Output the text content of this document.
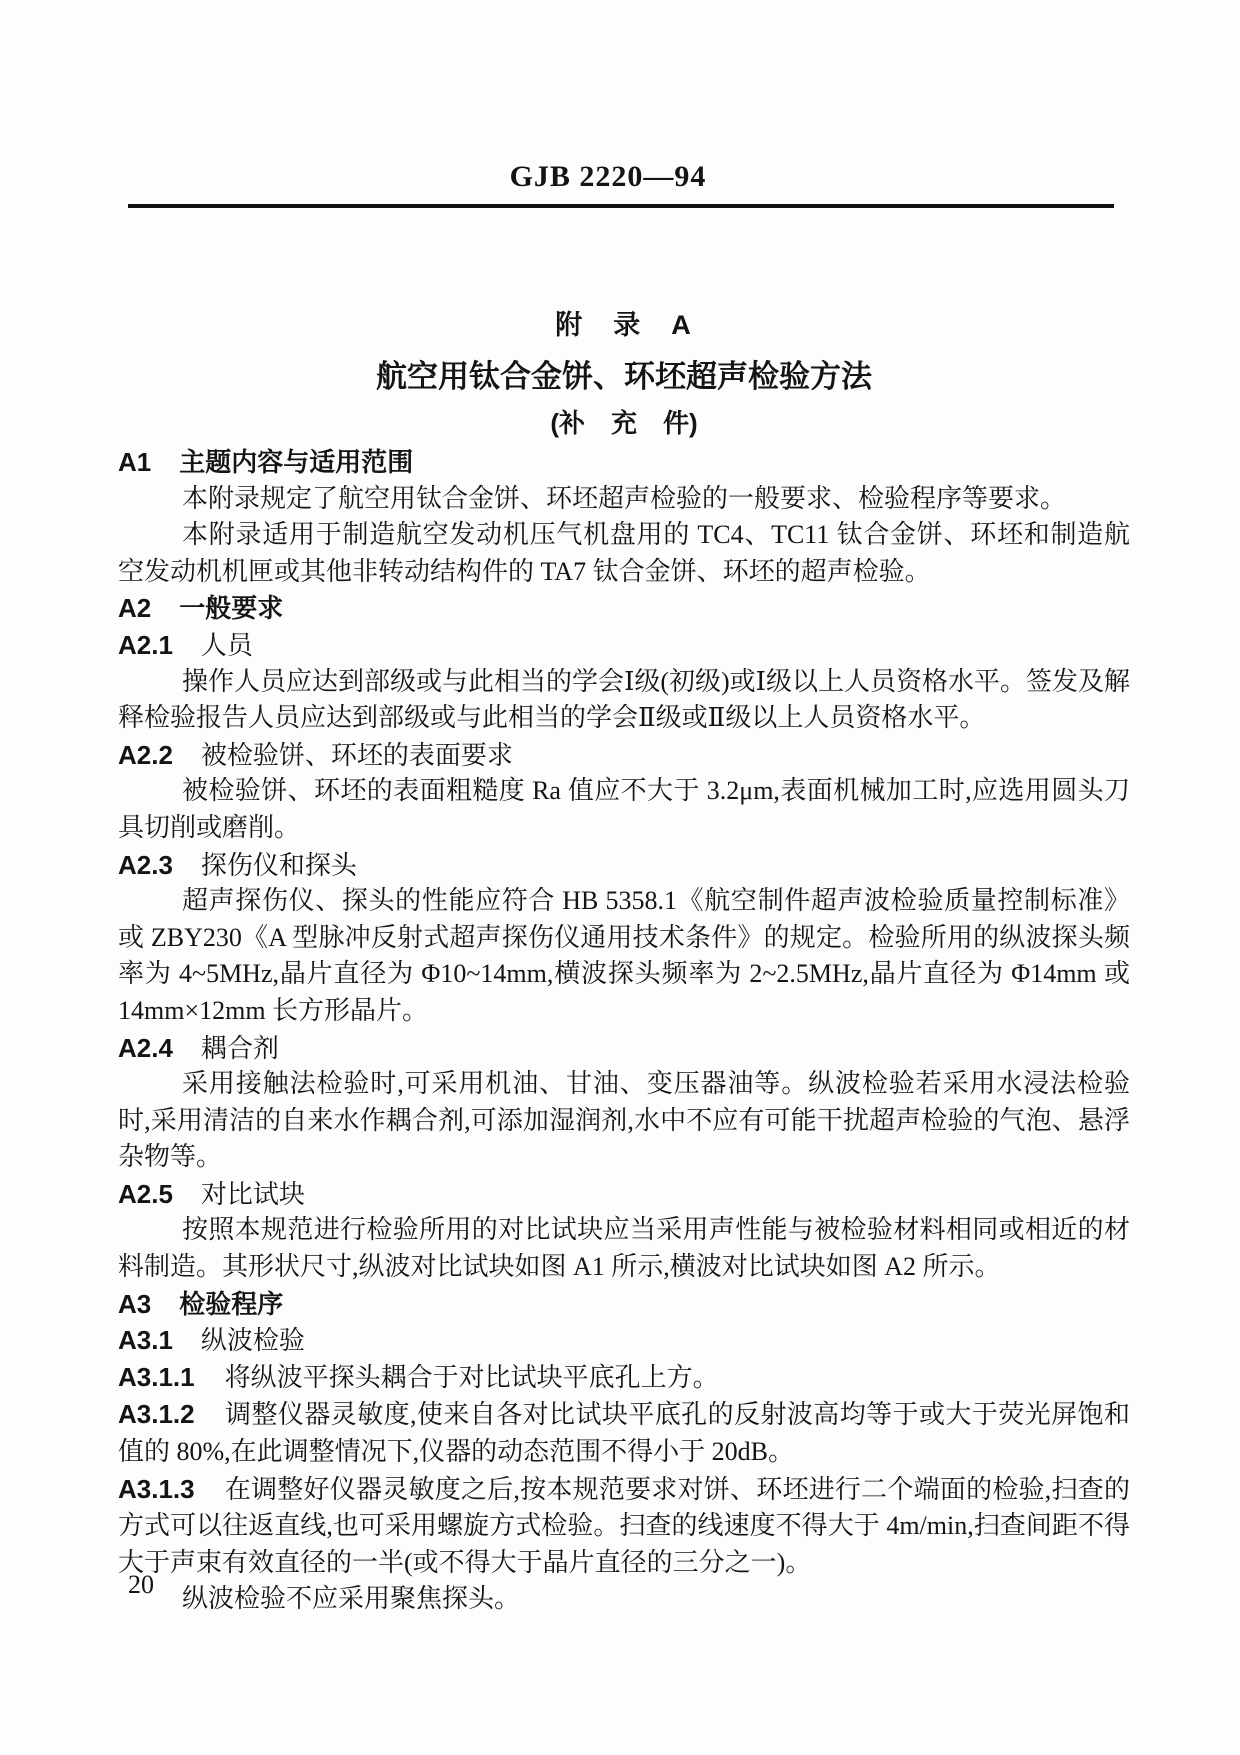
GJB 2220—94

附　录　A

航空用钛合金饼、环坯超声检验方法

(补　充　件)

A1 主题内容与适用范围

本附录规定了航空用钛合金饼、环坯超声检验的一般要求、检验程序等要求。

本附录适用于制造航空发动机压气机盘用的 TC4、TC11 钛合金饼、环坯和制造航空发动机机匣或其他非转动结构件的 TA7 钛合金饼、环坯的超声检验。

A2 一般要求
A2.1 人员

操作人员应达到部级或与此相当的学会Ⅰ级(初级)或Ⅰ级以上人员资格水平。签发及解释检验报告人员应达到部级或与此相当的学会Ⅱ级或Ⅱ级以上人员资格水平。

A2.2 被检验饼、环坯的表面要求

被检验饼、环坯的表面粗糙度 Ra 值应不大于 3.2μm,表面机械加工时,应选用圆头刀具切削或磨削。

A2.3 探伤仪和探头

超声探伤仪、探头的性能应符合 HB 5358.1《航空制件超声波检验质量控制标准》或 ZBY230《A 型脉冲反射式超声探伤仪通用技术条件》的规定。检验所用的纵波探头频率为 4~5MHz,晶片直径为 Φ10~14mm,横波探头频率为 2~2.5MHz,晶片直径为 Φ14mm 或 14mm×12mm 长方形晶片。

A2.4 耦合剂

采用接触法检验时,可采用机油、甘油、变压器油等。纵波检验若采用水浸法检验时,采用清洁的自来水作耦合剂,可添加湿润剂,水中不应有可能干扰超声检验的气泡、悬浮杂物等。

A2.5 对比试块

按照本规范进行检验所用的对比试块应当采用声性能与被检验材料相同或相近的材料制造。其形状尺寸,纵波对比试块如图 A1 所示,横波对比试块如图 A2 所示。

A3 检验程序
A3.1 纵波检验

A3.1.1 将纵波平探头耦合于对比试块平底孔上方。

A3.1.2 调整仪器灵敏度,使来自各对比试块平底孔的反射波高均等于或大于荧光屏饱和值的 80%,在此调整情况下,仪器的动态范围不得小于 20dB。

A3.1.3 在调整好仪器灵敏度之后,按本规范要求对饼、环坯进行二个端面的检验,扫查的方式可以往返直线,也可采用螺旋方式检验。扫查的线速度不得大于 4m/min,扫查间距不得大于声束有效直径的一半(或不得大于晶片直径的三分之一)。

纵波检验不应采用聚焦探头。

20
